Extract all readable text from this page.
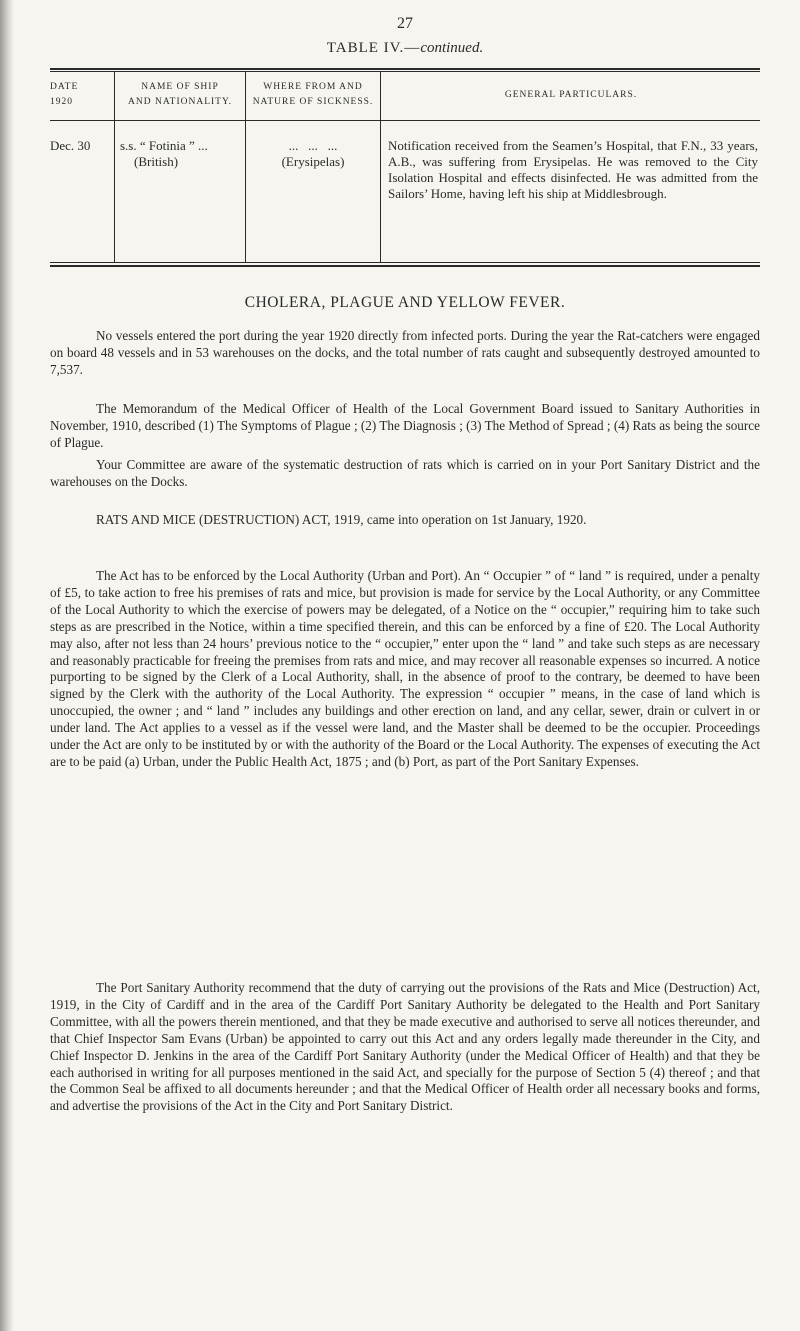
27
TABLE IV.—continued.
DATE
1920
NAME OF SHIP
AND NATIONALITY.
WHERE FROM AND
NATURE OF SICKNESS.
GENERAL PARTICULARS.
Dec. 30	s.s. “ Fotinia ” ...
(British)
...   ...   ...
(Erysipelas)
Notification received from the Seamen’s Hospital, that F.N., 33 years, A.B., was suffering from Erysipelas. He was removed to the City Isolation Hospital and effects disinfected. He was admitted from the Sailors’ Home, having left his ship at Middlesbrough.
CHOLERA, PLAGUE AND YELLOW FEVER.

No vessels entered the port during the year 1920 directly from infected ports. During the year the Rat-catchers were engaged on board 48 vessels and in 53 warehouses on the docks, and the total number of rats caught and subsequently destroyed amounted to 7,537.

The Memorandum of the Medical Officer of Health of the Local Government Board issued to Sanitary Authorities in November, 1910, described (1) The Symptoms of Plague ; (2) The Diagnosis ; (3) The Method of Spread ; (4) Rats as being the source of Plague.

Your Committee are aware of the systematic destruction of rats which is carried on in your Port Sanitary District and the warehouses on the Docks.

RATS AND MICE (DESTRUCTION) ACT, 1919, came into operation on 1st January, 1920.

The Act has to be enforced by the Local Authority (Urban and Port). An “ Occupier ” of “ land ” is required, under a penalty of £5, to take action to free his premises of rats and mice, but provision is made for service by the Local Authority, or any Committee of the Local Authority to which the exercise of powers may be delegated, of a Notice on the “ occupier,” requiring him to take such steps as are prescribed in the Notice, within a time specified therein, and this can be enforced by a fine of £20. The Local Authority may also, after not less than 24 hours’ previous notice to the “ occupier,” enter upon the “ land ” and take such steps as are necessary and reasonably practicable for freeing the premises from rats and mice, and may recover all reasonable expenses so incurred. A notice purporting to be signed by the Clerk of a Local Authority, shall, in the absence of proof to the contrary, be deemed to have been signed by the Clerk with the authority of the Local Authority. The expression “ occupier ” means, in the case of land which is unoccupied, the owner ; and “ land ” includes any buildings and other erection on land, and any cellar, sewer, drain or culvert in or under land. The Act applies to a vessel as if the vessel were land, and the Master shall be deemed to be the occupier. Proceedings under the Act are only to be instituted by or with the authority of the Board or the Local Authority. The expenses of executing the Act are to be paid (a) Urban, under the Public Health Act, 1875 ; and (b) Port, as part of the Port Sanitary Expenses.

The Port Sanitary Authority recommend that the duty of carrying out the provisions of the Rats and Mice (Destruction) Act, 1919, in the City of Cardiff and in the area of the Cardiff Port Sanitary Authority be delegated to the Health and Port Sanitary Committee, with all the powers therein mentioned, and that they be made executive and authorised to serve all notices thereunder, and that Chief Inspector Sam Evans (Urban) be appointed to carry out this Act and any orders legally made thereunder in the City, and Chief Inspector D. Jenkins in the area of the Cardiff Port Sanitary Authority (under the Medical Officer of Health) and that they be each authorised in writing for all purposes mentioned in the said Act, and specially for the purpose of Section 5 (4) thereof ; and that the Common Seal be affixed to all documents hereunder ; and that the Medical Officer of Health order all necessary books and forms, and advertise the provisions of the Act in the City and Port Sanitary District.
